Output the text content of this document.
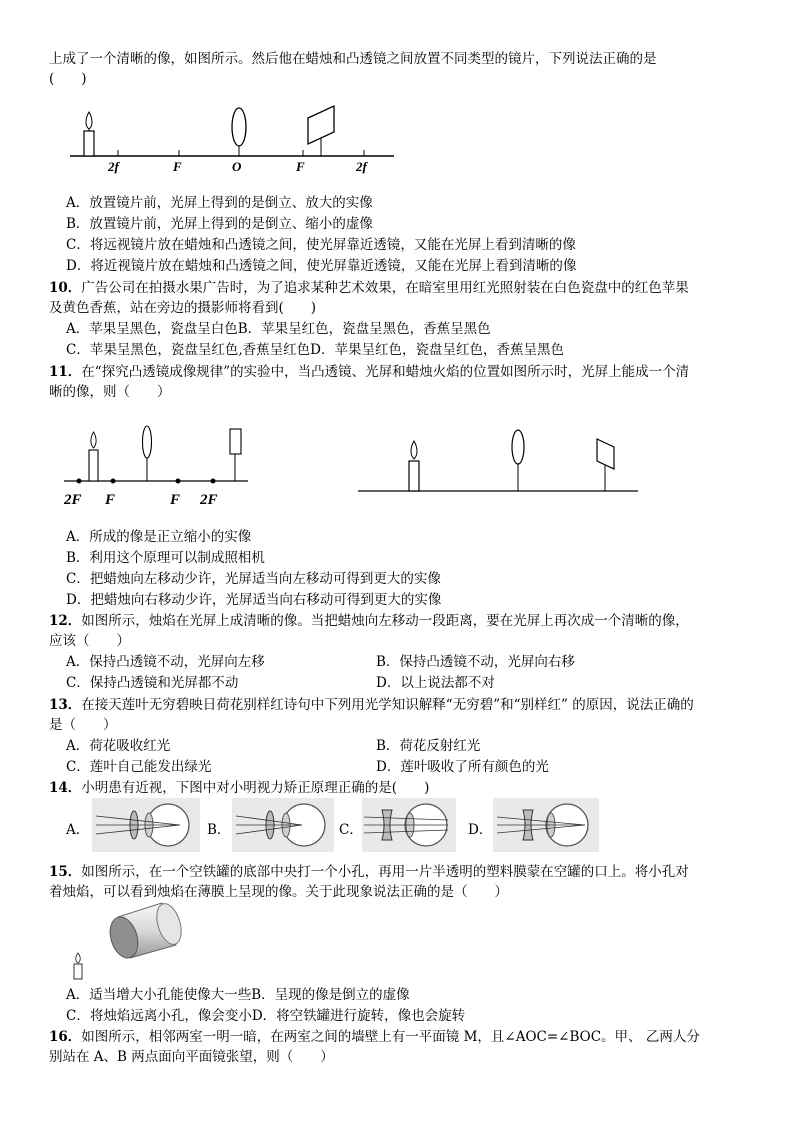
上成了一个清晰的像，如图所示。然后他在蜡烛和凸透镜之间放置不同类型的镜片，下列说法正确的是
(　　)
2f	F	O	F	2f
A．放置镜片前，光屏上得到的是倒立、放大的实像
B．放置镜片前，光屏上得到的是倒立、缩小的虚像
C．将远视镜片放在蜡烛和凸透镜之间，使光屏靠近透镜，又能在光屏上看到清晰的像
D．将近视镜片放在蜡烛和凸透镜之间，使光屏靠近透镜，又能在光屏上看到清晰的像
10．广告公司在拍摄水果广告时，为了追求某种艺术效果，在暗室里用红光照射装在白色瓷盘中的红色苹果
及黄色香蕉，站在旁边的摄影师将看到(　　)
A．苹果呈黑色，瓷盘呈白色B．苹果呈红色，瓷盘呈黑色，香蕉呈黑色
C．苹果呈黑色，瓷盘呈红色,香蕉呈红色D．苹果呈红色，瓷盘呈红色，香蕉呈黑色
11．在“探究凸透镜成像规律”的实验中，当凸透镜、光屏和蜡烛火焰的位置如图所示时，光屏上能成一个清
晰的像，则（　　）
2F F	F 2F
A．所成的像是正立缩小的实像
B．利用这个原理可以制成照相机
C．把蜡烛向左移动少许，光屏适当向左移动可得到更大的实像
D．把蜡烛向右移动少许，光屏适当向右移动可得到更大的实像
12．如图所示，烛焰在光屏上成清晰的像。当把蜡烛向左移动一段距离，要在光屏上再次成一个清晰的像，
应该（　　）
A．保持凸透镜不动，光屏向左移	B．保持凸透镜不动，光屏向右移
C．保持凸透镜和光屏都不动	D．以上说法都不对
13．在接天莲叶无穷碧映日荷花别样红诗句中下列用光学知识解释“无穷碧”和“别样红” 的原因，说法正确的
是（　　）
A．荷花吸收红光	B．荷花反射红光
C．莲叶自己能发出绿光	D．莲叶吸收了所有颜色的光
14．小明患有近视，下图中对小明视力矫正原理正确的是(　　)
A．	B．	C．	D．
15．如图所示，在一个空铁罐的底部中央打一个小孔，再用一片半透明的塑料膜蒙在空罐的口上。将小孔对
着烛焰，可以看到烛焰在薄膜上呈现的像。关于此现象说法正确的是（　　）
A．适当增大小孔能使像大一些B．呈现的像是倒立的虚像
C．将烛焰远离小孔，像会变小D．将空铁罐进行旋转，像也会旋转
16．如图所示，相邻两室一明一暗，在两室之间的墙壁上有一平面镜 M，且∠AOC=∠BOC。甲、 乙两人分
别站在 A、B 两点面向平面镜张望，则（　　）
